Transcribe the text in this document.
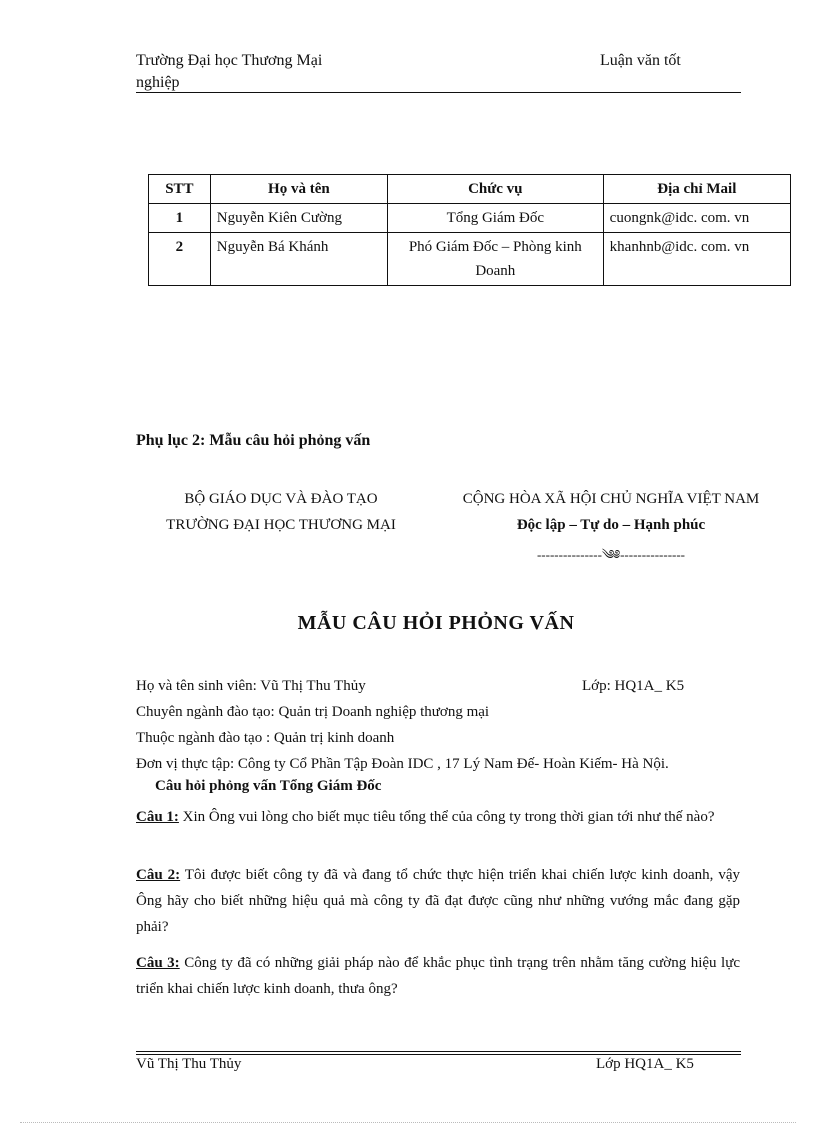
Trường Đại học Thương Mại
nghiệp
Luận văn tốt
STT	Họ và tên	Chức vụ	Địa chỉ Mail
1	Nguyễn Kiên Cường	Tổng Giám Đốc	cuongnk@idc. com. vn
2	Nguyễn Bá Khánh	Phó Giám Đốc – Phòng kinh Doanh	khanhnb@idc. com. vn
Phụ lục 2: Mẫu câu hỏi phỏng vấn
BỘ GIÁO DỤC VÀ ĐÀO TẠO
TRƯỜNG ĐẠI HỌC THƯƠNG MẠI
CỘNG HÒA XÃ HỘI CHỦ NGHĨA VIỆT NAM
Độc lập – Tự do – Hạnh phúc
---------------༄༅---------------
MẪU CÂU HỎI PHỎNG VẤN
Họ và tên sinh viên: Vũ Thị Thu Thủy	Lớp: HQ1A_ K5
Chuyên ngành đào tạo: Quản trị Doanh nghiệp thương mại
Thuộc ngành đào tạo : Quản trị kinh doanh
Đơn vị thực tập: Công ty Cổ Phần Tập Đoàn IDC , 17 Lý Nam Đế- Hoàn Kiếm- Hà Nội.
Câu hỏi phỏng vấn Tổng Giám Đốc
Câu 1: Xin Ông vui lòng cho biết mục tiêu tổng thể của công ty trong thời gian tới như thế nào?
Câu 2: Tôi được biết công ty đã và đang tổ chức thực hiện triển khai chiến lược kinh doanh, vậy Ông hãy cho biết những hiệu quả mà công ty đã đạt được cũng như những vướng mắc đang gặp phải?
Câu 3: Công ty đã có những giải pháp nào để khắc phục tình trạng trên nhằm tăng cường hiệu lực triển khai chiến lược kinh doanh, thưa ông?
Vũ Thị Thu Thủy	Lớp HQ1A_ K5
